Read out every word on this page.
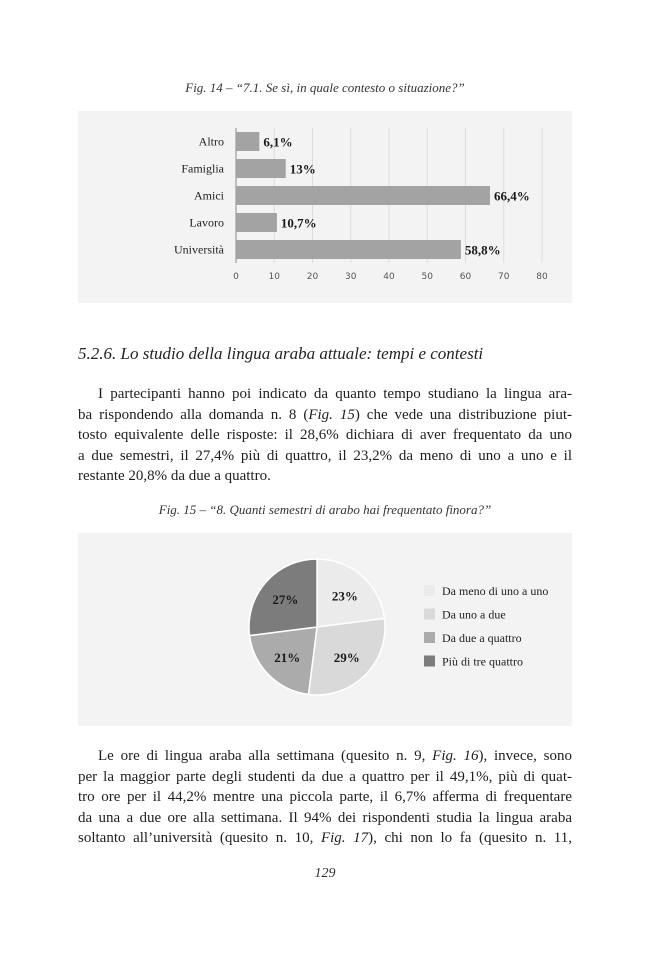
Fig. 14 – “7.1. Se sì, in quale contesto o situazione?”
0	10	20	30	40	50	60	70	80
Altro	6,1%
Famiglia	13%
Amici	66,4%
Lavoro	10,7%
Università	58,8%
5.2.6. Lo studio della lingua araba attuale: tempi e contesti
I partecipanti hanno poi indicato da quanto tempo studiano la lingua ara-
ba rispondendo alla domanda n. 8 (Fig. 15) che vede una distribuzione piut-
tosto equivalente delle risposte: il 28,6% dichiara di aver frequentato da uno
a due semestri, il 27,4% più di quattro, il 23,2% da meno di uno a uno e il
restante 20,8% da due a quattro.
Fig. 15 – “8. Quanti semestri di arabo hai frequentato finora?”
23%
29%
21%
27%
Da meno di uno a uno
Da uno a due
Da due a quattro
Più di tre quattro
Le ore di lingua araba alla settimana (quesito n. 9, Fig. 16), invece, sono
per la maggior parte degli studenti da due a quattro per il 49,1%, più di quat-
tro ore per il 44,2% mentre una piccola parte, il 6,7% afferma di frequentare
da una a due ore alla settimana. Il 94% dei rispondenti studia la lingua araba
soltanto all’università (quesito n. 10, Fig. 17), chi non lo fa (quesito n. 11,
129
